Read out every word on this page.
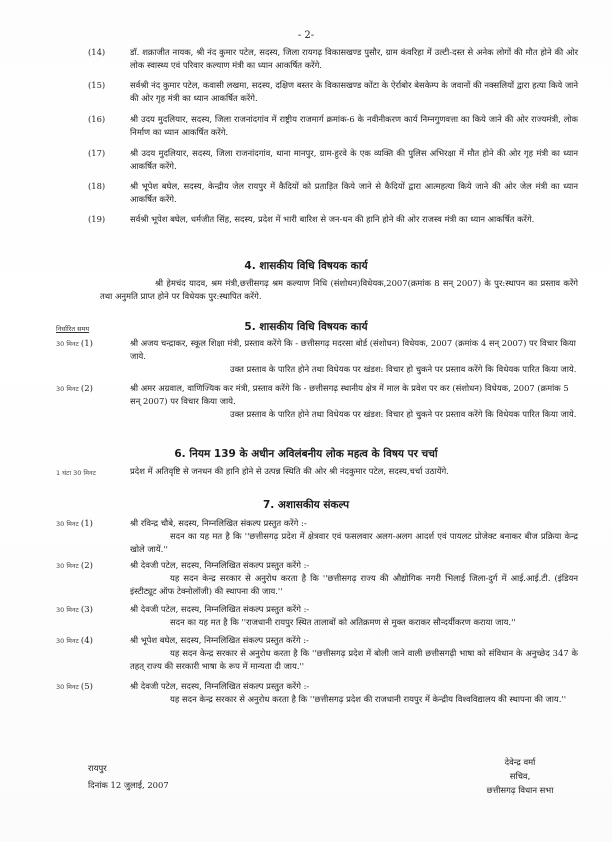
- 2-
(14)	डॉ. शक्राजीत नायक, श्री नंद कुमार पटेल, सदस्य, जिला रायगढ़ विकासखण्ड पुसौर, ग्राम कंवरिहा में उल्टी-दस्त से अनेक लोगों की मौत होने की ओर लोक स्वास्थ्य एवं परिवार कल्याण मंत्री का ध्यान आकर्षित करेंगे.
(15)	सर्वश्री नंद कुमार पटेल, कवासी लखमा, सदस्य, दक्षिण बस्तर के विकासखण्ड कोंटा के ऐर्राबोर बेसकेम्प के जवानों की नक्सलियों द्वारा हत्या किये जाने की ओर गृह मंत्री का ध्यान आकर्षित करेंगे.
(16)	श्री उदय मुदलियार, सदस्य, जिला राजनांदगांव में राष्ट्रीय राजमार्ग क्रमांक-6 के नवीनीकरण कार्य निम्नगुणवत्ता का किये जाने की ओर राज्यमंत्री, लोक निर्माण का ध्यान आकर्षित करेंगे.
(17)	श्री उदय मुदलियार, सदस्य, जिला राजनांदगांव, थाना मानपुर, ग्राम-हुरवे के एक व्यक्ति की पुलिस अभिरक्षा में मौत होने की ओर गृह मंत्री का ध्यान आकर्षित करेंगे.
(18)	श्री भूपेश बघेल, सदस्य, केन्द्रीय जेल रायपुर में कैदियों को प्रताड़ित किये जाने से कैदियों द्वारा आत्महत्या किये जाने की ओर जेल मंत्री का ध्यान आकर्षित करेंगे.
(19)	सर्वश्री भूपेश बघेल, धर्मजीत सिंह, सदस्य, प्रदेश में भारी बारिश से जन-धन की हानि होने की ओर राजस्व मंत्री का ध्यान आकर्षित करेंगे.
4. शासकीय विधि विषयक कार्य
श्री हेमचंद यादव, श्रम मंत्री,छत्तीसगढ़ श्रम कल्याण निधि (संशोधन)विधेयक,2007(क्रमांक 8 सन् 2007) के पुर:स्थापन का प्रस्ताव करेंगे तथा अनुमति प्राप्त होने पर विधेयक पुर:स्थापित करेंगे.
निर्धारित समय	5. शासकीय विधि विषयक कार्य
30 मिनट (1)	श्री अजय चन्द्राकर, स्कूल शिक्षा मंत्री, प्रस्ताव करेंगे कि - छत्तीसगढ़ मदरसा बोर्ड (संशोधन) विधेयक, 2007 (क्रमांक 4 सन् 2007) पर विचार किया जाये.
उक्त प्रस्ताव के पारित होने तथा विधेयक पर खंडश: विचार हो चुकने पर प्रस्ताव करेंगे कि विधेयक पारित किया जाये.
30 मिनट (2)	श्री अमर अग्रवाल, वाणिज्यिक कर मंत्री, प्रस्ताव करेंगे कि - छत्तीसगढ़ स्थानीय क्षेत्र में माल के प्रवेश पर कर (संशोधन) विधेयक, 2007 (क्रमांक 5 सन् 2007) पर विचार किया जाये.
उक्त प्रस्ताव के पारित होने तथा विधेयक पर खंडश: विचार हो चुकने पर प्रस्ताव करेंगे कि विधेयक पारित किया जाये.
6. नियम 139 के अधीन अविलंबनीय लोक महत्व के विषय पर चर्चा
1 घंटा 30 मिनट	प्रदेश में अतिवृष्टि से जनधन की हानि होने से उत्पन्न स्थिति की ओर श्री नंदकुमार पटेल, सदस्य,चर्चा उठायेंगे.
7. अशासकीय संकल्प
30 मिनट (1)	श्री रविन्द्र चौबे, सदस्य, निम्नलिखित संकल्प प्रस्तुत करेंगे :-
सदन का यह मत है कि ''छत्तीसगढ़ प्रदेश में क्षेत्रवार एवं फसलवार अलग-अलग आदर्श एवं पायलट प्रोजेक्ट बनाकर बीज प्रक्रिया केन्द्र खोले जायें.''
30 मिनट (2)	श्री देवजी पटेल, सदस्य, निम्नलिखित संकल्प प्रस्तुत करेंगे :-
यह सदन केन्द्र सरकार से अनुरोध करता है कि ''छत्तीसगढ़ राज्य की औद्योगिक नगरी भिलाई जिला-दुर्ग में आई.आई.टी. (इंडियन इंस्टीट्यूट ऑफ टेक्नोलॉजी) की स्थापना की जाय.''
30 मिनट (3)	श्री देवजी पटेल, सदस्य, निम्नलिखित संकल्प प्रस्तुत करेंगे :-
सदन का यह मत है कि ''राजधानी रायपुर स्थित तालाबों को अतिक्रमण से मुक्त कराकर सौन्दर्यीकरण कराया जाय.''
30 मिनट (4)	श्री भूपेश बघेल, सदस्य, निम्नलिखित संकल्प प्रस्तुत करेंगे :-
यह सदन केन्द्र सरकार से अनुरोध करता है कि ''छत्तीसगढ़ प्रदेश में बोली जाने वाली छत्तीसगढ़ी भाषा को संविधान के अनुच्छेद 347 के तहत् राज्य की सरकारी भाषा के रूप में मान्यता दी जाय.''
30 मिनट (5)	श्री देवजी पटेल, सदस्य, निम्नलिखित संकल्प प्रस्तुत करेंगे :-
यह सदन केन्द्र सरकार से अनुरोध करता है कि ''छत्तीसगढ़ प्रदेश की राजधानी रायपुर में केन्द्रीय विश्वविद्यालय की स्थापना की जाय.''
रायपुर
दिनांक 12 जुलाई, 2007
देवेन्द्र वर्मा
सचिव,
छत्तीसगढ़ विधान सभा
